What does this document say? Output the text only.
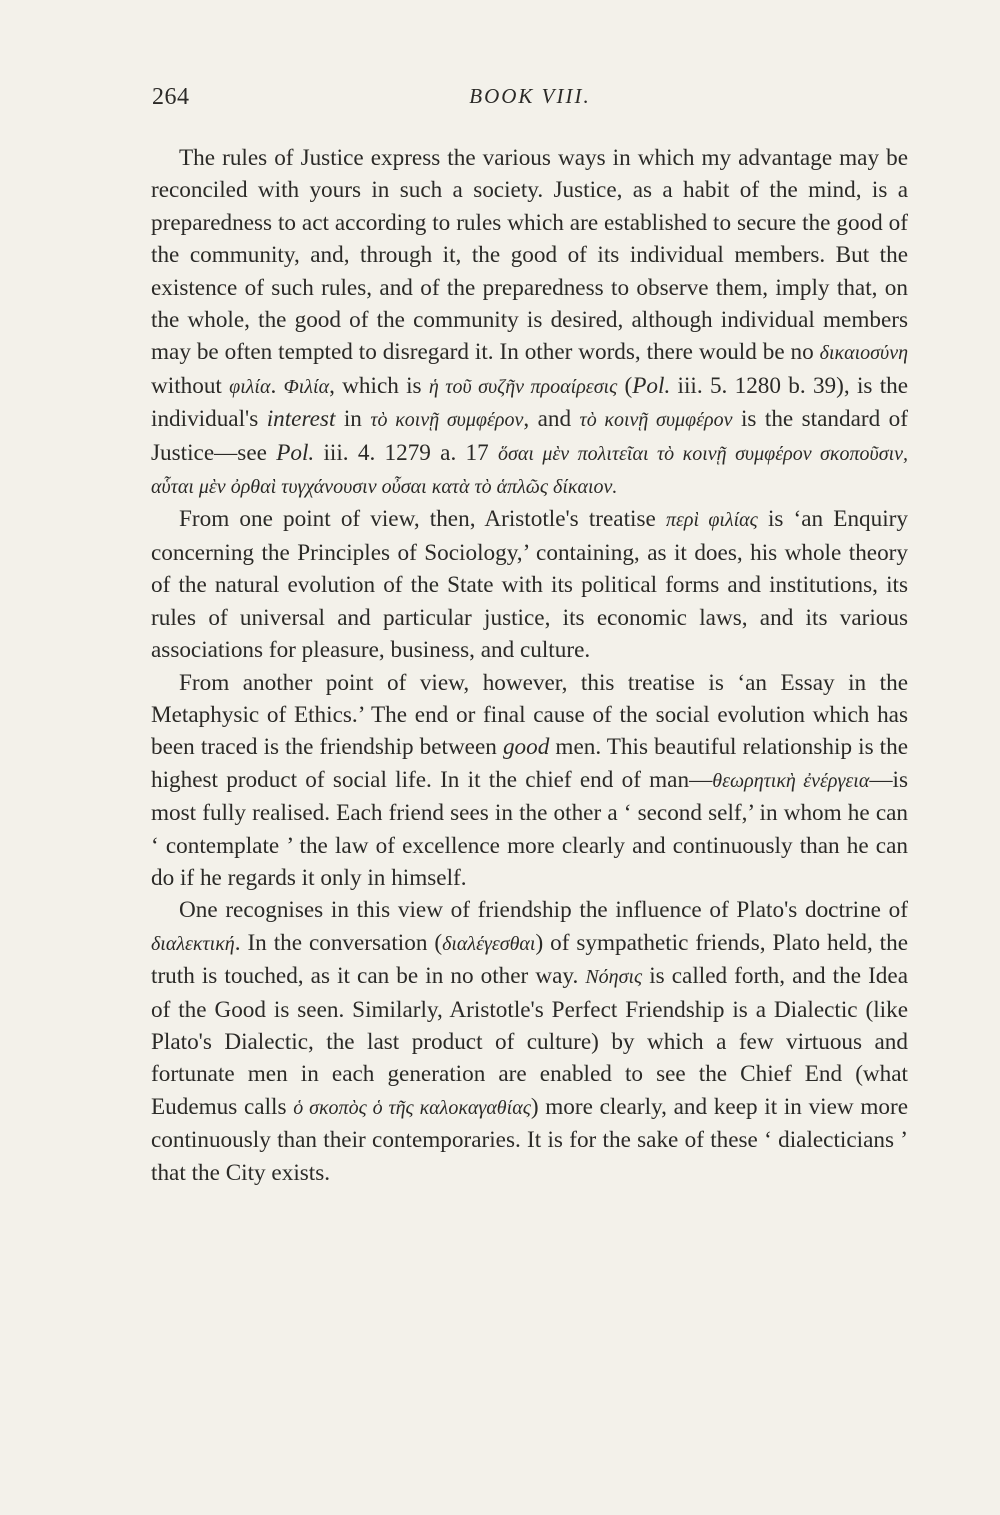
264	BOOK VIII.

The rules of Justice express the various ways in which my advantage may be reconciled with yours in such a society. Justice, as a habit of the mind, is a preparedness to act according to rules which are established to secure the good of the community, and, through it, the good of its individual members. But the existence of such rules, and of the preparedness to observe them, imply that, on the whole, the good of the community is desired, although individual members may be often tempted to disregard it. In other words, there would be no δικαιοσύνη without φιλία. Φιλία, which is ἡ τοῦ συζῆν προαίρεσις (Pol. iii. 5. 1280 b. 39), is the individual's interest in τὸ κοινῇ συμφέρον, and τὸ κοινῇ συμφέρον is the standard of Justice—see Pol. iii. 4. 1279 a. 17 ὅσαι μὲν πολιτεῖαι τὸ κοινῇ συμφέρον σκοποῦσιν, αὗται μὲν ὀρθαὶ τυγχάνουσιν οὖσαι κατὰ τὸ ἁπλῶς δίκαιον.

From one point of view, then, Aristotle's treatise περὶ φιλίας is ‘an Enquiry concerning the Principles of Sociology,’ containing, as it does, his whole theory of the natural evolution of the State with its political forms and institutions, its rules of universal and particular justice, its economic laws, and its various associations for pleasure, business, and culture.

From another point of view, however, this treatise is ‘an Essay in the Metaphysic of Ethics.’ The end or final cause of the social evolution which has been traced is the friendship between good men. This beautiful relationship is the highest product of social life. In it the chief end of man—θεωρητικὴ ἐνέργεια—is most fully realised. Each friend sees in the other a ‘ second self,’ in whom he can ‘ contemplate ’ the law of excellence more clearly and continuously than he can do if he regards it only in himself.

One recognises in this view of friendship the influence of Plato's doctrine of διαλεκτική. In the conversation (διαλέγεσθαι) of sympathetic friends, Plato held, the truth is touched, as it can be in no other way. Νόησις is called forth, and the Idea of the Good is seen. Similarly, Aristotle's Perfect Friendship is a Dialectic (like Plato's Dialectic, the last product of culture) by which a few virtuous and fortunate men in each generation are enabled to see the Chief End (what Eudemus calls ὁ σκοπὸς ὁ τῆς καλοκαγαθίας) more clearly, and keep it in view more continuously than their contemporaries. It is for the sake of these ‘ dialecticians ’ that the City exists.
